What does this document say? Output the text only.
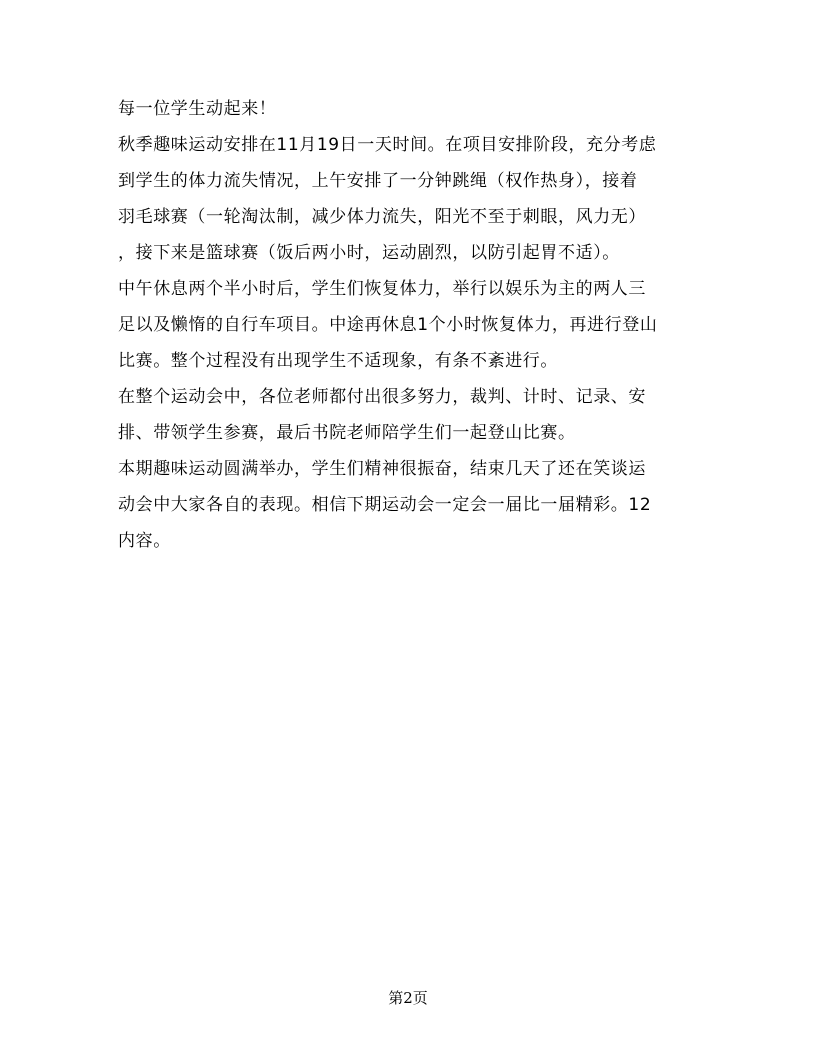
每一位学生动起来！
秋季趣味运动安排在11月19日一天时间。在项目安排阶段，充分考虑
到学生的体力流失情况，上午安排了一分钟跳绳（权作热身），接着
羽毛球赛（一轮淘汰制，减少体力流失，阳光不至于刺眼，风力无）
，接下来是篮球赛（饭后两小时，运动剧烈，以防引起胃不适）。
中午休息两个半小时后，学生们恢复体力，举行以娱乐为主的两人三
足以及懒惰的自行车项目。中途再休息1个小时恢复体力，再进行登山
比赛。整个过程没有出现学生不适现象，有条不紊进行。
在整个运动会中，各位老师都付出很多努力，裁判、计时、记录、安
排、带领学生参赛，最后书院老师陪学生们一起登山比赛。
本期趣味运动圆满举办，学生们精神很振奋，结束几天了还在笑谈运
动会中大家各自的表现。相信下期运动会一定会一届比一届精彩。12
内容。
第2页
